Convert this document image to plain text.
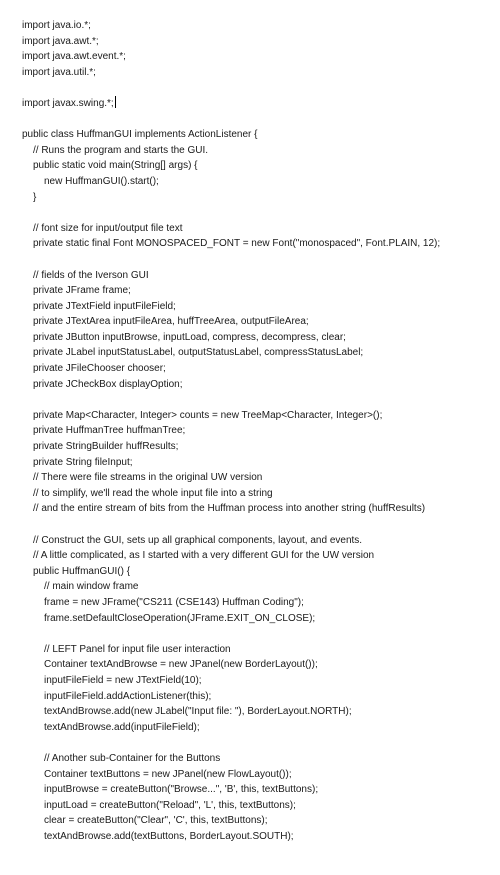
import java.io.*;
import java.awt.*;
import java.awt.event.*;
import java.util.*;
import javax.swing.*;
public class HuffmanGUI implements ActionListener {
// Runs the program and starts the GUI.
public static void main(String[] args) {
new HuffmanGUI().start();
}
// font size for input/output file text
private static final Font MONOSPACED_FONT = new Font("monospaced", Font.PLAIN, 12);
// fields of the Iverson GUI
private JFrame frame;
private JTextField inputFileField;
private JTextArea inputFileArea, huffTreeArea, outputFileArea;
private JButton inputBrowse, inputLoad, compress, decompress, clear;
private JLabel inputStatusLabel, outputStatusLabel, compressStatusLabel;
private JFileChooser chooser;
private JCheckBox displayOption;
private Map<Character, Integer> counts = new TreeMap<Character, Integer>();
private HuffmanTree huffmanTree;
private StringBuilder huffResults;
private String fileInput;
// There were file streams in the original UW version
// to simplify, we'll read the whole input file into a string
// and the entire stream of bits from the Huffman process into another string (huffResults)
// Construct the GUI, sets up all graphical components, layout, and events.
// A little complicated, as I started with a very different GUI for the UW version
public HuffmanGUI() {
// main window frame
frame = new JFrame("CS211 (CSE143) Huffman Coding");
frame.setDefaultCloseOperation(JFrame.EXIT_ON_CLOSE);
// LEFT Panel for input file user interaction
Container textAndBrowse = new JPanel(new BorderLayout());
inputFileField = new JTextField(10);
inputFileField.addActionListener(this);
textAndBrowse.add(new JLabel("Input file: "), BorderLayout.NORTH);
textAndBrowse.add(inputFileField);
// Another sub-Container for the Buttons
Container textButtons = new JPanel(new FlowLayout());
inputBrowse = createButton("Browse...", 'B', this, textButtons);
inputLoad = createButton("Reload", 'L', this, textButtons);
clear = createButton("Clear", 'C', this, textButtons);
textAndBrowse.add(textButtons, BorderLayout.SOUTH);
